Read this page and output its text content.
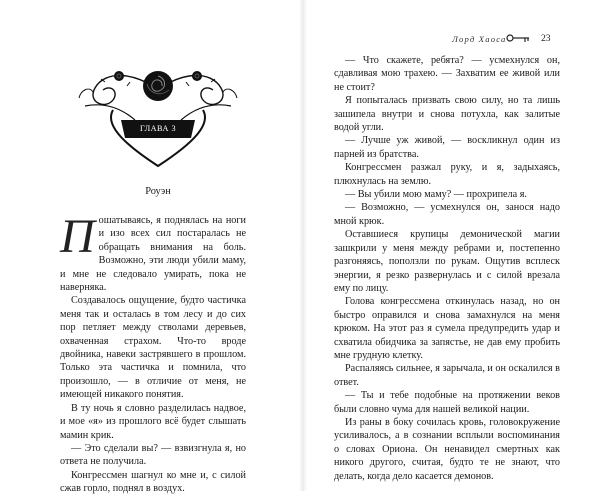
ГЛАВА 3
Роуэн

Пошатываясь, я поднялась на ноги и изо всех сил постаралась не обращать внимания на боль. Возможно, эти люди убили маму, и мне не следовало умирать, пока не наверняка.

Создавалось ощущение, будто частичка меня так и осталась в том лесу и до сих пор петляет между стволами деревьев, охваченная страхом. Что-то вроде двойника, навеки застрявшего в прошлом. Только эта частичка и помнила, что произошло, — в отличие от меня, не имеющей никакого понятия.

В ту ночь я словно разделилась надвое, и мое «я» из прошлого всё будет слышать мамин крик.

— Это сделали вы? — взвизгнула я, но ответа не получила.

Конгрессмен шагнул ко мне и, с силой сжав горло, поднял в воздух.

Лорд Хаоса	23

— Что скажете, ребята? — усмехнулся он, сдавливая мою трахею. — Захватим ее живой или не стоит?

Я попыталась призвать свою силу, но та лишь зашипела внутри и снова потухла, как залитые водой угли.

— Лучше уж живой, — воскликнул один из парней из братства.

Конгрессмен разжал руку, и я, задыхаясь, плюхнулась на землю.

— Вы убили мою маму? — прохрипела я.

— Возможно, — усмехнулся он, занося надо мной крюк.

Оставшиеся крупицы демонической магии зашкрили у меня между ребрами и, постепенно разгоняясь, поползли по рукам. Ощутив всплеск энергии, я резко развернулась и с силой врезала ему по лицу.

Голова конгрессмена откинулась назад, но он быстро оправился и снова замахнулся на меня крюком. На этот раз я сумела предупредить удар и схватила обидчика за запястье, не дав ему пробить мне грудную клетку.

Распаляясь сильнее, я зарычала, и он оскалился в ответ.

— Ты и тебе подобные на протяжении веков были словно чума для нашей великой нации.

Из раны в боку сочилась кровь, головокружение усиливалось, а в сознании всплыли воспоминания о словах Ориона. Он ненавидел смертных как никого другого, считая, будто те не знают, что делать, когда дело касается демонов.
